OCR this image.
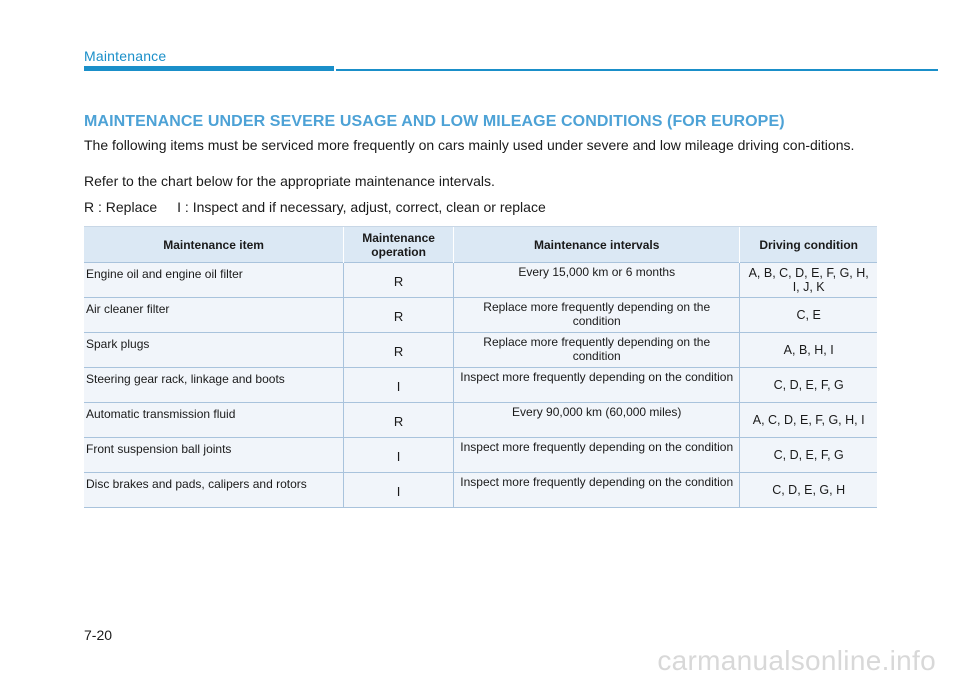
Maintenance
MAINTENANCE UNDER SEVERE USAGE AND LOW MILEAGE CONDITIONS (FOR EUROPE)
The following items must be serviced more frequently on cars mainly used under severe and low mileage driving con-ditions.
Refer to the chart below for the appropriate maintenance intervals.
R : Replace I : Inspect and if necessary, adjust, correct, clean or replace
Maintenance item	Maintenance operation	Maintenance intervals	Driving condition
Engine oil and engine oil filter	R	Every 15,000 km or 6 months	A, B, C, D, E, F, G, H, I, J, K
Air cleaner filter	R	Replace more frequently depending on the condition	C, E
Spark plugs	R	Replace more frequently depending on the condition	A, B, H, I
Steering gear rack, linkage and boots	I	Inspect more frequently depending on the condition	C, D, E, F, G
Automatic transmission fluid	R	Every 90,000 km (60,000 miles)	A, C, D, E, F, G, H, I
Front suspension ball joints	I	Inspect more frequently depending on the condition	C, D, E, F, G
Disc brakes and pads, calipers and rotors	I	Inspect more frequently depending on the condition	C, D, E, G, H
7-20
carmanualsonline.info
